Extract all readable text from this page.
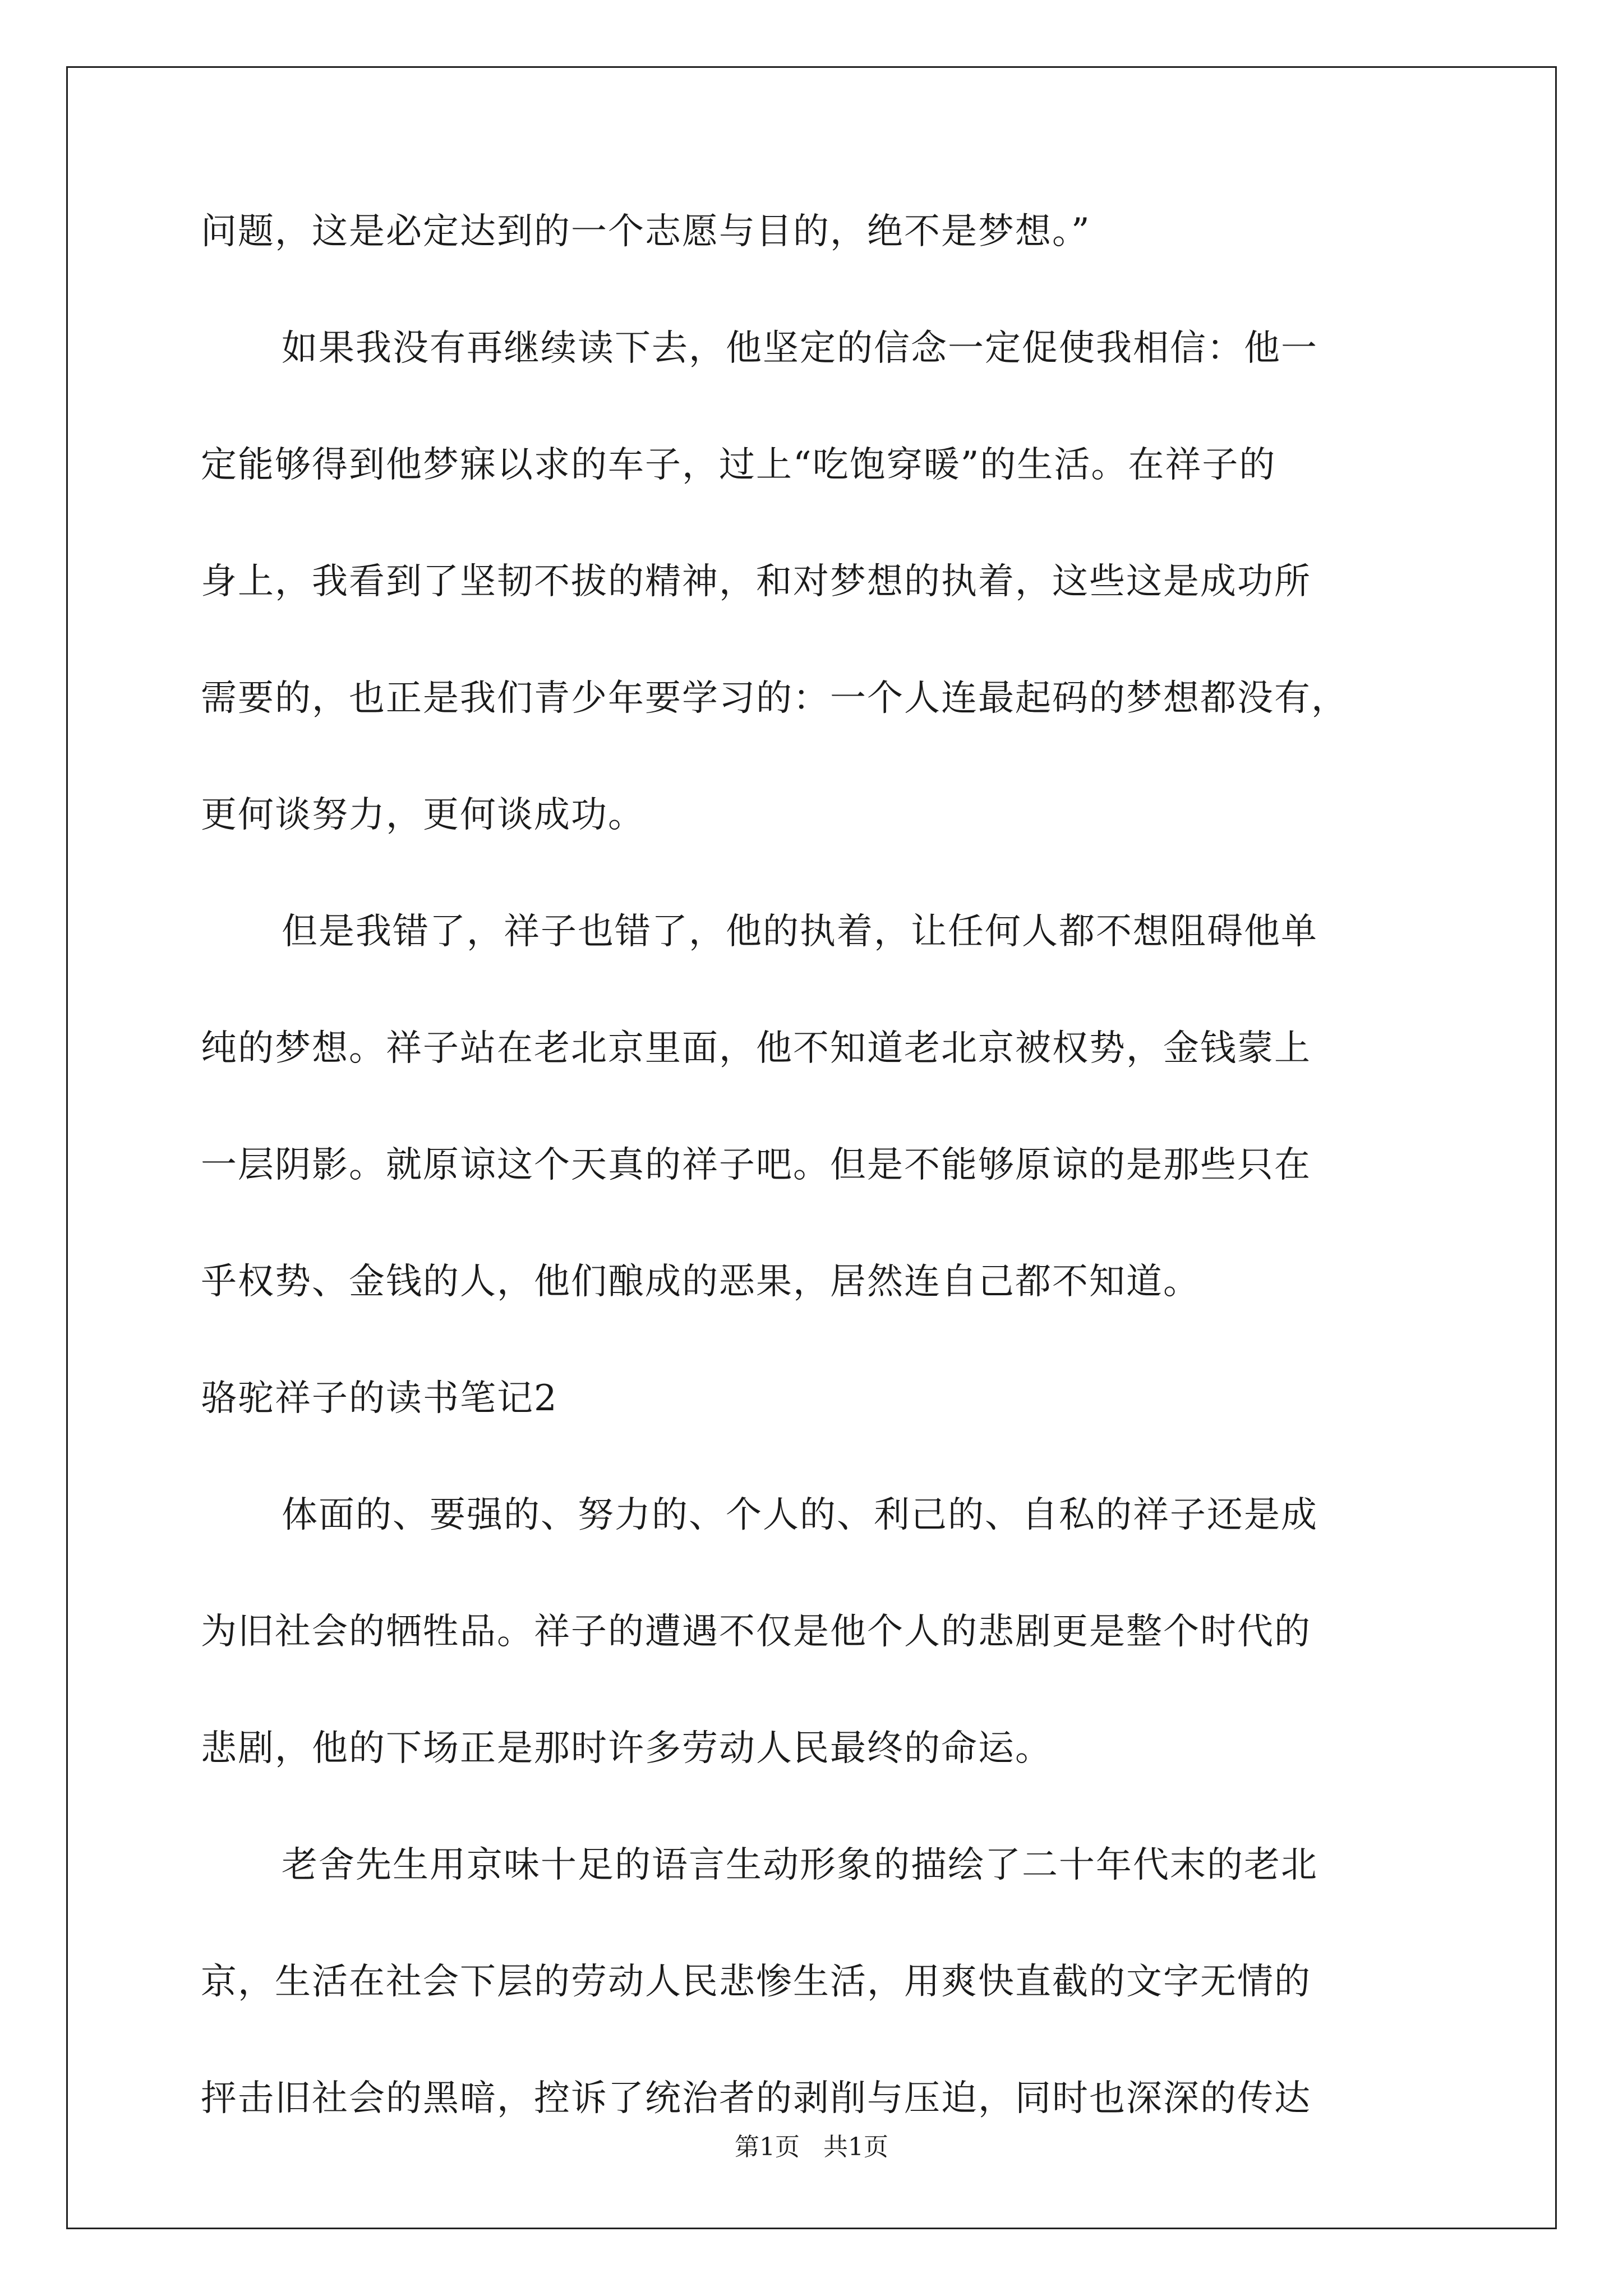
问题，这是必定达到的一个志愿与目的，绝不是梦想。”
如果我没有再继续读下去，他坚定的信念一定促使我相信：他一
定能够得到他梦寐以求的车子，过上“吃饱穿暖”的生活。在祥子的
身上，我看到了坚韧不拔的精神，和对梦想的执着，这些这是成功所
需要的，也正是我们青少年要学习的：一个人连最起码的梦想都没有，
更何谈努力，更何谈成功。
但是我错了，祥子也错了，他的执着，让任何人都不想阻碍他单
纯的梦想。祥子站在老北京里面，他不知道老北京被权势，金钱蒙上
一层阴影。就原谅这个天真的祥子吧。但是不能够原谅的是那些只在
乎权势、金钱的人，他们酿成的恶果，居然连自己都不知道。
骆驼祥子的读书笔记2
体面的、要强的、努力的、个人的、利己的、自私的祥子还是成
为旧社会的牺牲品。祥子的遭遇不仅是他个人的悲剧更是整个时代的
悲剧，他的下场正是那时许多劳动人民最终的命运。
老舍先生用京味十足的语言生动形象的描绘了二十年代末的老北
京，生活在社会下层的劳动人民悲惨生活，用爽快直截的文字无情的
抨击旧社会的黑暗，控诉了统治者的剥削与压迫，同时也深深的传达
第1页 共1页
